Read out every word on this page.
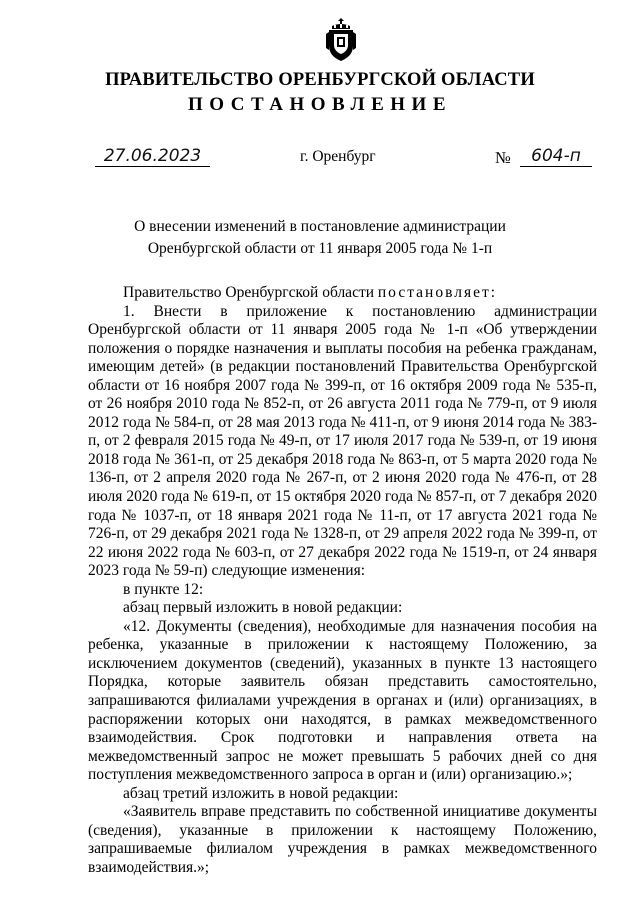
ПРАВИТЕЛЬСТВО ОРЕНБУРГСКОЙ ОБЛАСТИ
ПОСТАНОВЛЕНИЕ
27.06.2023	г. Оренбург	№	604-п
О внесении изменений в постановление администрации
Оренбургской области от 11 января 2005 года № 1-п

Правительство Оренбургской области постановляет:

1. Внести в приложение к постановлению администрации Оренбургской области от 11 января 2005 года № 1-п «Об утверждении положения о порядке назначения и выплаты пособия на ребенка гражданам, имеющим детей» (в редакции постановлений Правительства Оренбургской области от 16 ноября 2007 года № 399-п, от 16 октября 2009 года № 535-п, от 26 ноября 2010 года № 852-п, от 26 августа 2011 года № 779-п, от 9 июля 2012 года № 584-п, от 28 мая 2013 года № 411-п, от 9 июня 2014 года № 383-п, от 2 февраля 2015 года № 49-п, от 17 июля 2017 года № 539-п, от 19 июня 2018 года № 361-п, от 25 декабря 2018 года № 863-п, от 5 марта 2020 года № 136-п, от 2 апреля 2020 года № 267-п, от 2 июня 2020 года № 476-п, от 28 июля 2020 года № 619-п, от 15 октября 2020 года № 857-п, от 7 декабря 2020 года № 1037-п, от 18 января 2021 года № 11-п, от 17 августа 2021 года № 726-п, от 29 декабря 2021 года № 1328-п, от 29 апреля 2022 года № 399-п, от 22 июня 2022 года № 603-п, от 27 декабря 2022 года № 1519-п, от 24 января 2023 года № 59-п) следующие изменения:

в пункте 12:

абзац первый изложить в новой редакции:

«12. Документы (сведения), необходимые для назначения пособия на ребенка, указанные в приложении к настоящему Положению, за исключением документов (сведений), указанных в пункте 13 настоящего Порядка, которые заявитель обязан представить самостоятельно, запрашиваются филиалами учреждения в органах и (или) организациях, в распоряжении которых они находятся, в рамках межведомственного взаимодействия. Срок подготовки и направления ответа на межведомственный запрос не может превышать 5 рабочих дней со дня поступления межведомственного запроса в орган и (или) организацию.»;

абзац третий изложить в новой редакции:

«Заявитель вправе представить по собственной инициативе документы (сведения), указанные в приложении к настоящему Положению, запрашиваемые филиалом учреждения в рамках межведомственного взаимодействия.»;
